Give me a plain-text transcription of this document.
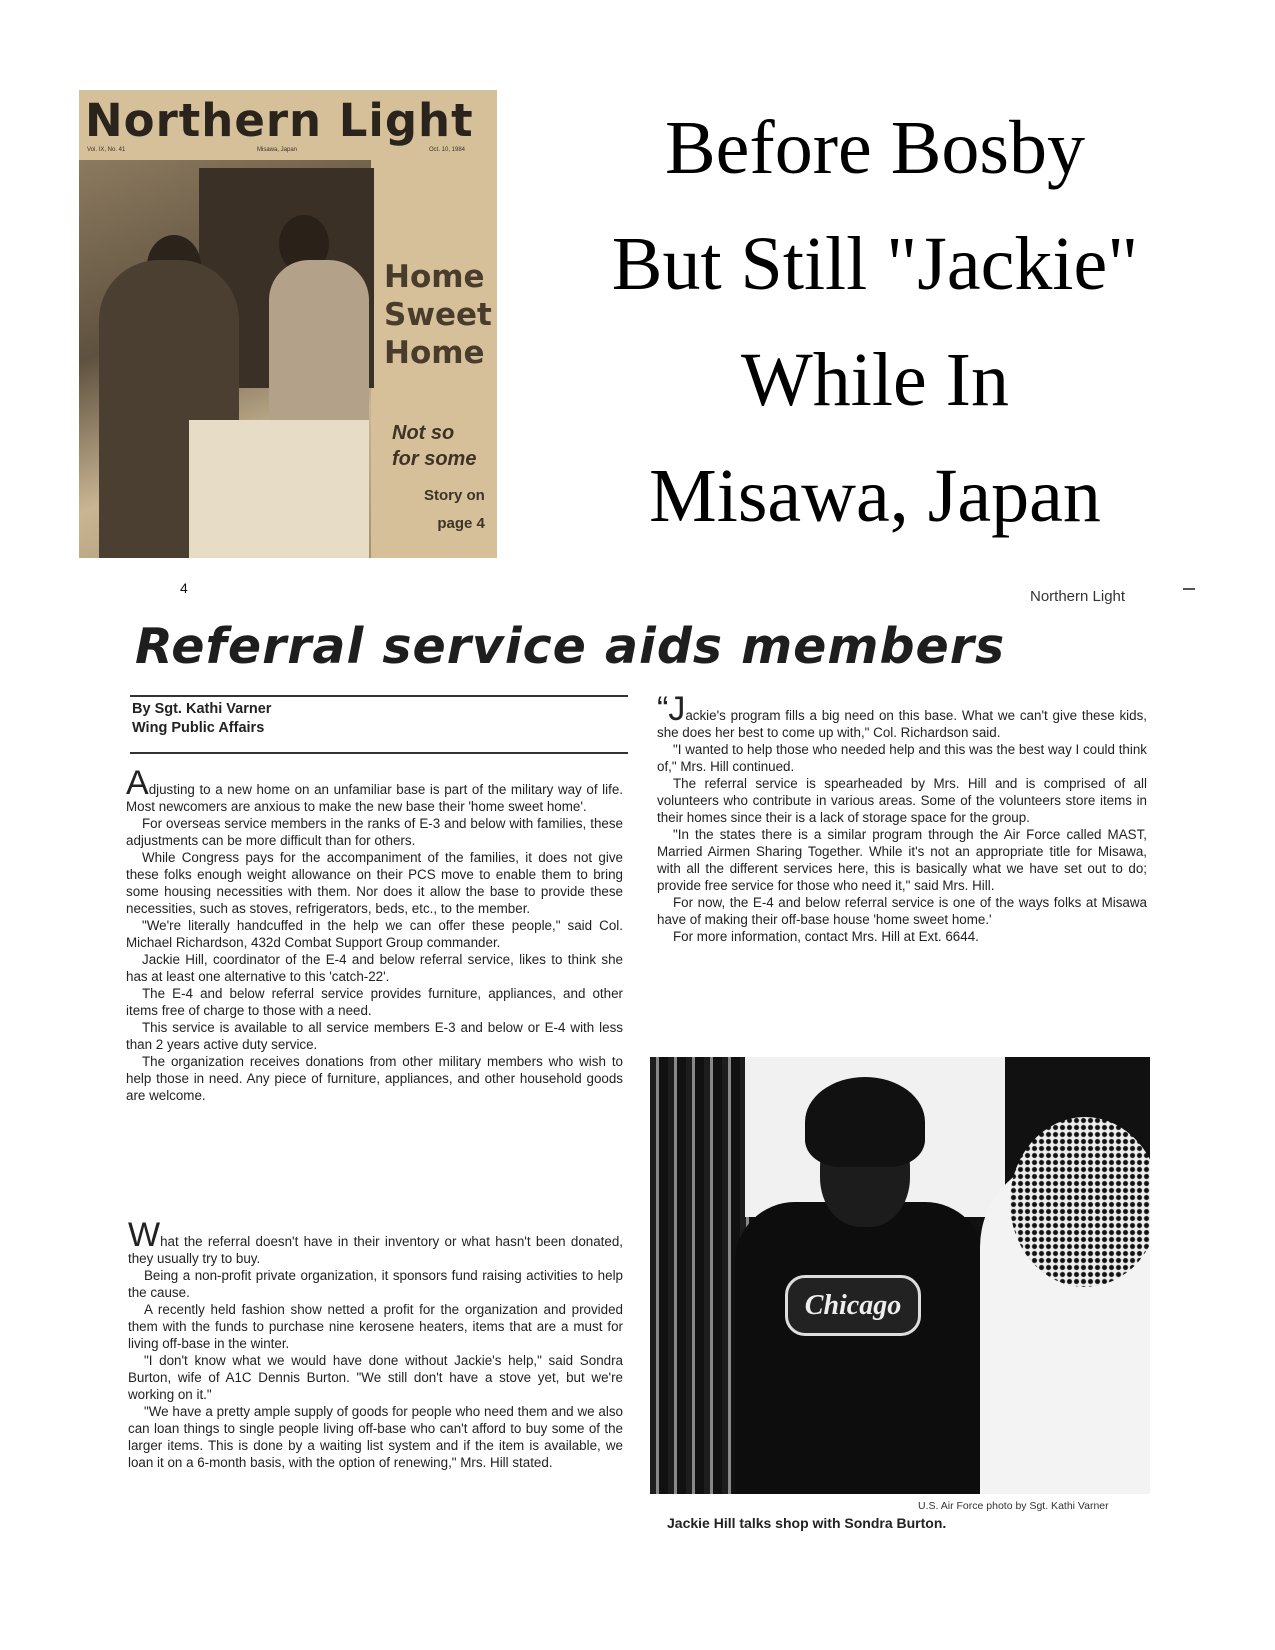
Northern Light
Vol. IX, No. 41	Misawa, Japan	Oct. 10, 1984
Home
Sweet
Home
Not so
for some
Story on
page 4
Before Bosby
But Still "Jackie"
While In
Misawa, Japan
4	Northern Light
Referral service aids members
By Sgt. Kathi Varner
Wing Public Affairs

Adjusting to a new home on an unfamiliar base is part of the military way of life. Most newcomers are anxious to make the new base their 'home sweet home'.

For overseas service members in the ranks of E-3 and below with families, these adjustments can be more difficult than for others.

While Congress pays for the accompaniment of the families, it does not give these folks enough weight allowance on their PCS move to enable them to bring some housing necessities with them. Nor does it allow the base to provide these necessities, such as stoves, refrigerators, beds, etc., to the member.

"We're literally handcuffed in the help we can offer these people," said Col. Michael Richardson, 432d Combat Support Group commander.

Jackie Hill, coordinator of the E-4 and below referral service, likes to think she has at least one alternative to this 'catch-22'.

The E-4 and below referral service provides furniture, appliances, and other items free of charge to those with a need.

This service is available to all service members E-3 and below or E-4 with less than 2 years active duty service.

The organization receives donations from other military members who wish to help those in need. Any piece of furniture, appliances, and other household goods are welcome.

What the referral doesn't have in their inventory or what hasn't been donated, they usually try to buy.

Being a non-profit private organization, it sponsors fund raising activities to help the cause.

A recently held fashion show netted a profit for the organization and provided them with the funds to purchase nine kerosene heaters, items that are a must for living off-base in the winter.

"I don't know what we would have done without Jackie's help," said Sondra Burton, wife of A1C Dennis Burton. "We still don't have a stove yet, but we're working on it."

"We have a pretty ample supply of goods for people who need them and we also can loan things to single people living off-base who can't afford to buy some of the larger items. This is done by a waiting list system and if the item is available, we loan it on a 6-month basis, with the option of renewing," Mrs. Hill stated.

“Jackie's program fills a big need on this base. What we can't give these kids, she does her best to come up with," Col. Richardson said.

"I wanted to help those who needed help and this was the best way I could think of," Mrs. Hill continued.

The referral service is spearheaded by Mrs. Hill and is comprised of all volunteers who contribute in various areas. Some of the volunteers store items in their homes since their is a lack of storage space for the group.

"In the states there is a similar program through the Air Force called MAST, Married Airmen Sharing Together. While it's not an appropriate title for Misawa, with all the different services here, this is basically what we have set out to do; provide free service for those who need it," said Mrs. Hill.

For now, the E-4 and below referral service is one of the ways folks at Misawa have of making their off-base house 'home sweet home.'

For more information, contact Mrs. Hill at Ext. 6644.

Chicago
U.S. Air Force photo by Sgt. Kathi Varner
Jackie Hill talks shop with Sondra Burton.
